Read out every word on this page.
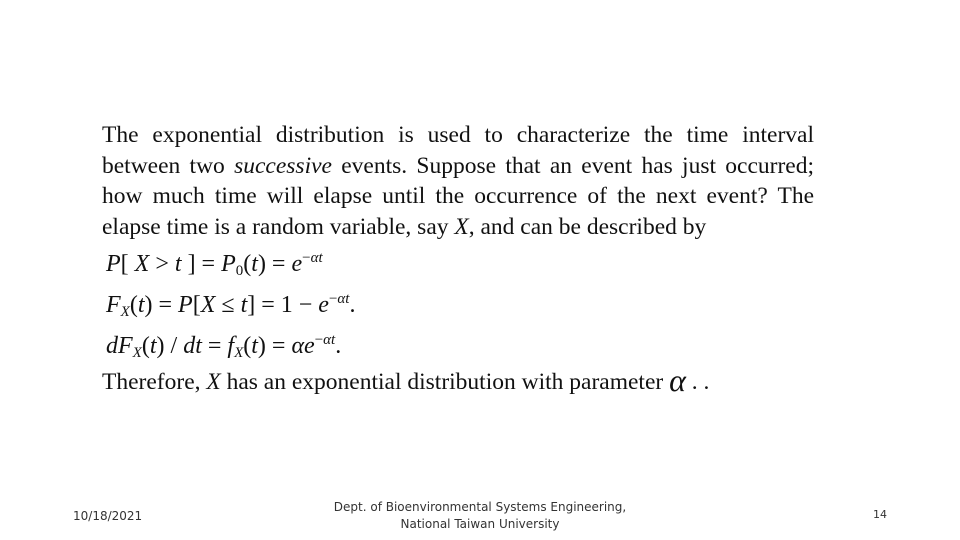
The exponential distribution is used to characterize the time interval between two successive events. Suppose that an event has just occurred; how much time will elapse until the occurrence of the next event? The elapse time is a random variable, say X, and can be described by

P[ X > t ] = $P_0(t) = e^{-\alpha t}$
$F_X(t) = P[X \le t] = 1 - e^{-\alpha t}$.
$dF_X(t)$ / dt = $f_X(t) = \alpha e^{-\alpha t}$.

Therefore, X has an exponential distribution with parameter α . .

10/18/2021
Dept. of Bioenvironmental Systems Engineering,
National Taiwan University
14
